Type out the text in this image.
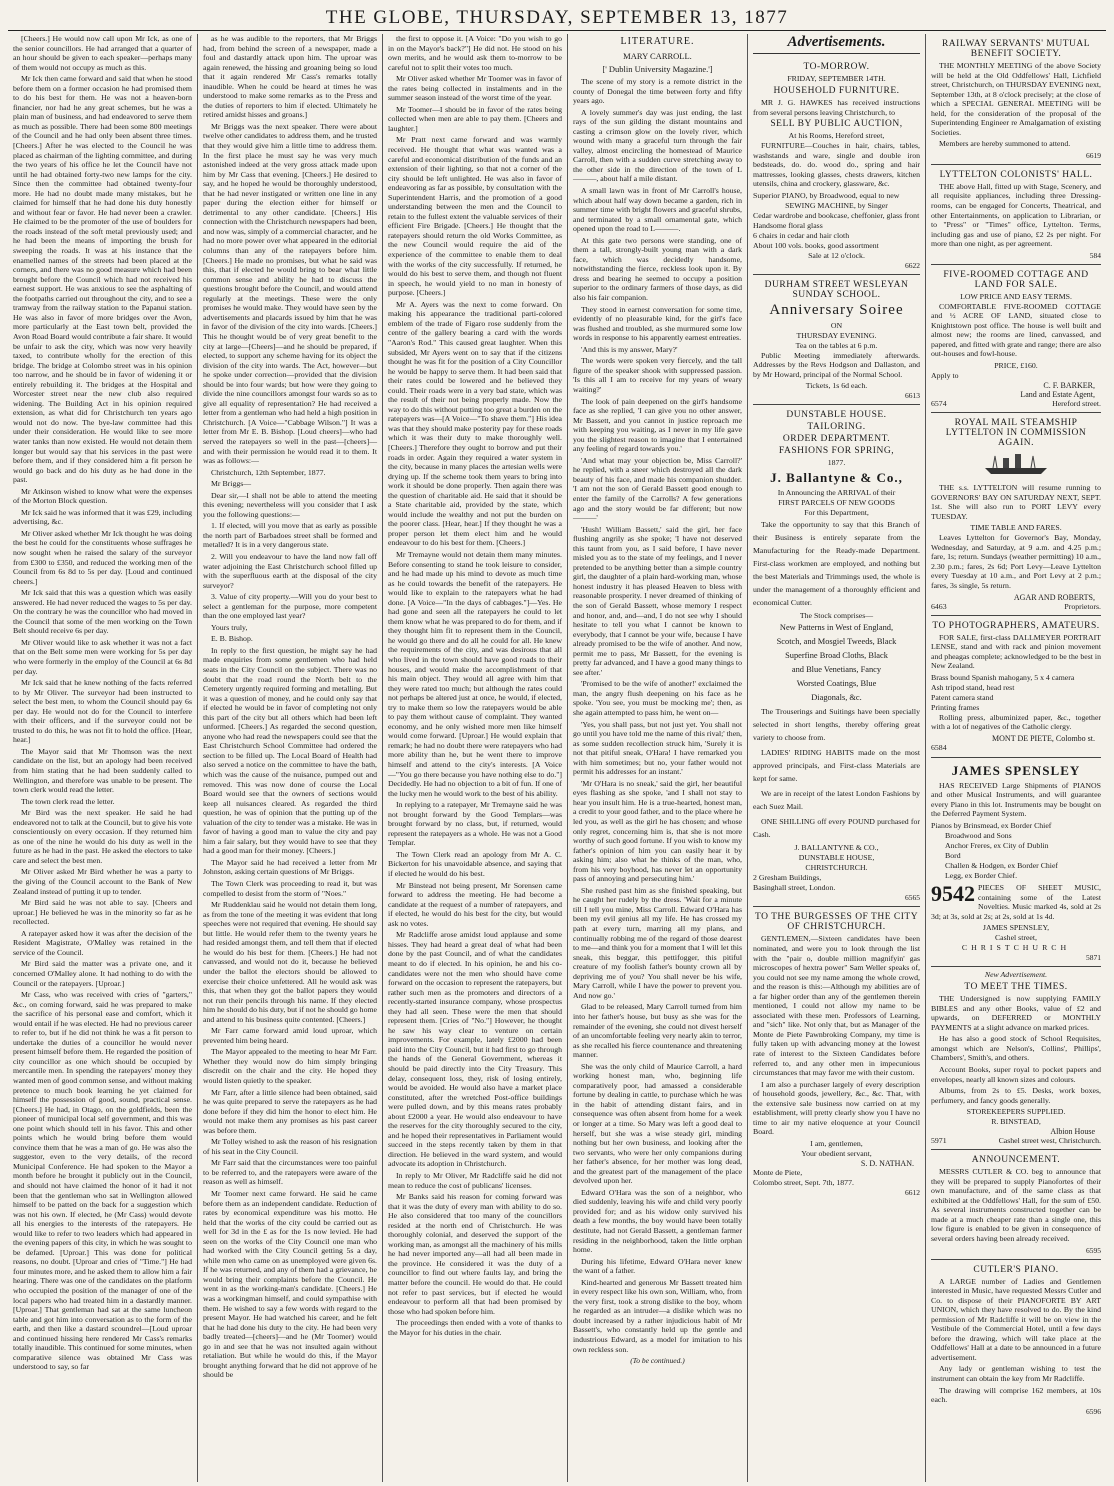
THE GLOBE, THURSDAY, SEPTEMBER 13, 1877

[Cheers.] He would now call upon Mr Ick, as one of the senior councillors. He had arranged that a quarter of an hour should be given to each speaker—perhaps many of them would not occupy as much as this.

Mr Ick then came forward and said that when he stood before them on a former occasion he had promised them to do his best for them. He was not a heaven-born financier, nor had he any great schemes, but he was a plain man of business, and had endeavored to serve them as much as possible. There had been some 800 meetings of the Council and he had only been absent three times. [Cheers.] After he was elected to the Council he was placed as chairman of the lighting committee, and during the two years of his office he let the Council have not until he had obtained forty-two new lamps for the city. Since then the committee had obtained twenty-four more. He had no doubt made many mistakes, but he claimed for himself that he had done his duty honestly and without fear or favor. He had never been a crawler. He claimed to be the promoter of the use of boulders for the roads instead of the soft metal previously used; and he had been the means of importing the brush for sweeping the roads. It was at his instance that the enamelled names of the streets had been placed at the corners, and there was no good measure which had been brought before the Council which had not received his earnest support. He was anxious to see the asphalting of the footpaths carried out throughout the city, and to see a tramway from the railway station to the Papanui station. He was also in favor of more bridges over the Avon, more particularly at the East town belt, provided the Avon Road Board would contribute a fair share. It would be unfair to ask the city, which was now very heavily taxed, to contribute wholly for the erection of this bridge. The bridge at Colombo street was in his opinion too narrow, and he should be in favor of widening it or entirely rebuilding it. The bridges at the Hospital and Worcester street near the new club also required widening. The Building Act in his opinion required extension, as what did for Christchurch ten years ago would not do now. The bye-law committee had this under their consideration. He would like to see more water tanks than now existed. He would not detain them longer but would say that his services in the past were before them, and if they considered him a fit person he would go back and do his duty as he had done in the past.

Mr Atkinson wished to know what were the expenses of the Morton Block question.

Mr Ick said he was informed that it was £29, including advertising, &c.

Mr Oliver asked whether Mr Ick thought he was doing the best he could for the constituents whose suffrages he now sought when he raised the salary of the surveyor from £300 to £350, and reduced the working men of the Council from 6s 8d to 5s per day. [Loud and continued cheers.]

Mr Ick said that this was a question which was easily answered. He had never reduced the wages to 5s per day. On the contrary he was the councillor who had moved in the Council that some of the men working on the Town Belt should receive 6s per day.

Mr Oliver would like to ask whether it was not a fact that on the Belt some men were working for 5s per day who were formerly in the employ of the Council at 6s 8d per day.

Mr Ick said that he knew nothing of the facts referred to by Mr Oliver. The surveyor had been instructed to select the best men, to whom the Council should pay 6s per day. He would not do for the Council to interfere with their officers, and if the surveyor could not be trusted to do this, he was not fit to hold the office. [Hear, hear.]

The Mayor said that Mr Thomson was the next candidate on the list, but an apology had been received from him stating that he had been suddenly called to Wellington, and therefore was unable to be present. The town clerk would read the letter.

The town clerk read the letter.

Mr Bird was the next speaker. He said he had endeavored not to talk at the Council, but to give his vote conscientiously on every occasion. If they returned him as one of the nine he would do his duty as well in the future as he had in the past. He asked the electors to take care and select the best men.

Mr Oliver asked Mr Bird whether he was a party to the giving of the Council account to the Bank of New Zealand instead of putting it up to tender.

Mr Bird said he was not able to say. [Cheers and uproar.] He believed he was in the minority so far as he recollected.

A ratepayer asked how it was after the decision of the Resident Magistrate, O'Malley was retained in the service of the Council.

Mr Bird said the matter was a private one, and it concerned O'Malley alone. It had nothing to do with the Council or the ratepayers. [Uproar.]

Mr Cass, who was received with cries of "garters," &c., on coming forward, said he was prepared to make the sacrifice of his personal ease and comfort, which it would entail if he was elected. He had no previous career to refer to, but if he did not think he was a fit person to undertake the duties of a councillor he would never present himself before them. He regarded the position of city councillor as one which should be occupied by mercantile men. In spending the ratepayers' money they wanted men of good common sense, and without making pretence to much book learning he yet claimed for himself the possession of good, sound, practical sense. [Cheers.] He had, in Otago, on the goldfields, been the pioneer of municipal local self government, and this was one point which should tell in his favor. This and other points which he would bring before them would convince them that he was a man of go. He was also the suggestor, even to the very details, of the record Municipal Conference. He had spoken to the Mayor a month before he brought it publicly out in the Council, and should not have claimed the honor of it had it not been that the gentleman who sat in Wellington allowed himself to be patted on the back for a suggestion which was not his own. If elected, he (Mr Cass) would devote all his energies to the interests of the ratepayers. He would like to refer to two leaders which had appeared in the evening papers of this city, in which he was sought to be defamed. [Uproar.] This was done for political reasons, no doubt. [Uproar and cries of "Time."] He had four minutes more, and he asked them to allow him a fair hearing. There was one of the candidates on the platform who occupied the position of the manager of one of the local papers who had treated him in a dastardly manner. [Uproar.] That gentleman had sat at the same luncheon table and got him into conversation as to the form of the earth, and then like a dastard scoundrel—[Loud uproar and continued hissing here rendered Mr Cass's remarks totally inaudible. This continued for some minutes, when comparative silence was obtained Mr Cass was understood to say, so far

as he was audible to the reporters, that Mr Briggs had, from behind the screen of a newspaper, made a foul and dastardly attack upon him. The uproar was again renewed, the hissing and groaning being so loud that it again rendered Mr Cass's remarks totally inaudible. When he could be heard at times he was understood to make some remarks as to the Press and the duties of reporters to him if elected. Ultimately he retired amidst hisses and groans.]

Mr Briggs was the next speaker. There were about twelve other candidates to address them, and he trusted that they would give him a little time to address them. In the first place he must say he was very much astonished indeed at the very gross attack made upon him by Mr Cass that evening. [Cheers.] He desired to say, and he hoped he would be thoroughly understood, that he had never instigated or written one line in any paper during the election either for himself or detrimental to any other candidate. [Cheers.] His connection with the Christchurch newspapers had been, and now was, simply of a commercial character, and he had no more power over what appeared in the editorial columns than any of the ratepayers before him. [Cheers.] He made no promises, but what he said was this, that if elected he would bring to bear what little common sense and ability he had to discuss the questions brought before the Council, and would attend regularly at the meetings. These were the only promises he would make. They would have seen by the advertisements and placards issued by him that he was in favor of the division of the city into wards. [Cheers.] This he thought would be of very great benefit to the city at large—[Cheers]—and he should be prepared, if elected, to support any scheme having for its object the division of the city into wards. The Act, however—but he spoke under correction—provided that the division should be into four wards; but how were they going to divide the nine councillors amongst four wards so as to give all equality of representation? He had received a letter from a gentleman who had held a high position in Christchurch. [A Voice—"Cabbage Wilson."] It was a letter from Mr E. B. Bishop. [Loud cheers]—who had served the ratepayers so well in the past—[cheers]—and with their permission he would read it to them. It was as follows:—

Christchurch, 12th September, 1877.

Mr Briggs—

Dear sir,—I shall not be able to attend the meeting this evening; nevertheless will you consider that I ask you the following questions:—

1. If elected, will you move that as early as possible the north part of Barbadoes street shall be formed and metalled? It is in a very dangerous state.

2. Will you endeavour to have the land now fall off water adjoining the East Christchurch school filled up with the superfluous earth at the disposal of the city surveyor?

3. Value of city property.—Will you do your best to select a gentleman for the purpose, more competent than the one employed last year?

Yours truly,

E. B. Bishop.

In reply to the first question, he might say he had made enquiries from some gentlemen who had held seats in the City Council on the subject. There was no doubt that the road round the North belt to the Cemetery urgently required forming and metalling. But it was a question of money, and he could only say that if elected he would be in favor of completing not only this part of the city but all others which had been left unformed. [Cheers.] As regarded the second question, anyone who had read the newspapers could see that the East Christchurch School Committee had ordered the section to be filled up. The Local Board of Health had also served a notice on the committee to have the bath, which was the cause of the nuisance, pumped out and removed. This was now done of course the Local Board would see that the owners of sections would keep all nuisances cleared. As regarded the third question, he was of opinion that the putting up of the valuation of the city to tender was a mistake. He was in favor of having a good man to value the city and pay him a fair salary, but they would have to see that they had a good man for their money. [Cheers.]

The Mayor said he had received a letter from Mr Johnston, asking certain questions of Mr Briggs.

The Town Clerk was proceeding to read it, but was compelled to desist from the storm of "Noes."

Mr Ruddenklau said he would not detain them long, as from the tone of the meeting it was evident that long speeches were not required that evening. He should say but little. He would refer them to the twenty years he had resided amongst them, and tell them that if elected he would do his best for them. [Cheers.] He had not canvassed, and would not do it, because he believed under the ballot the electors should be allowed to exercise their choice unfettered. All he would ask was this, that when they got the ballot papers they would not run their pencils through his name. If they elected him he should do his duty, but if not he should go home and attend to his business quite contented. [Cheers.]

Mr Farr came forward amid loud uproar, which prevented him being heard.

The Mayor appealed to the meeting to hear Mr Farr. Whether they would now do him simply bringing discredit on the chair and the city. He hoped they would listen quietly to the speaker.

Mr Farr, after a little silence had been obtained, said he was quite prepared to serve the ratepayers as he had done before if they did him the honor to elect him. He would not make them any promises as his past career was before them.

Mr Tolley wished to ask the reason of his resignation of his seat in the City Council.

Mr Farr said that the circumstances were too painful to be referred to, and the ratepayers were aware of the reason as well as himself.

Mr Toomer next came forward. He said he came before them as an independent candidate. Reduction of rates by economical expenditure was his motto. He held that the works of the city could be carried out as well for 3d in the £ as for the 1s now levied. He had seen on the works of the City Council one man who had worked with the City Council getting 5s a day, while men who came on as unemployed were given 6s. If he was returned, and any of them had a grievance, he would bring their complaints before the Council. He went in as the working-man's candidate. [Cheers.] He was a workingman himself, and could sympathise with them. He wished to say a few words with regard to the present Mayor. He had watched his career, and he felt that he had done his duty to the city. He had been very badly treated—[cheers]—and he (Mr Toomer) would go in and see that he was not insulted again without retaliation. But while he would do this, if the Mayor brought anything forward that he did not approve of he should be

the first to oppose it. [A Voice: "Do you wish to go in on the Mayor's back?"] He did not. He stood on his own merits, and he would ask them to-morrow to be careful not to split their votes too much.

Mr Oliver asked whether Mr Toomer was in favor of the rates being collected in instalments and in the summer season instead of the worst time of the year.

Mr Toomer—I should be in favor of the rates being collected when men are able to pay them. [Cheers and laughter.]

Mr Pratt next came forward and was warmly received. He thought that what was wanted was a careful and economical distribution of the funds and an extension of their lighting, so that not a corner of the city should be left unlighted. He was also in favor of endeavoring as far as possible, by consultation with the Superintendent Harris, and the promotion of a good understanding between the men and the Council to retain to the fullest extent the valuable services of their efficient Fire Brigade. [Cheers.] He thought that the ratepayers should return the old Works Committee, as the new Council would require the aid of the experience of the committee to enable them to deal with the works of the city successfully. If returned, he would do his best to serve them, and though not fluent in speech, he would yield to no man in honesty of purpose. [Cheers.]

Mr A. Ayers was the next to come forward. On making his appearance the traditional parti-colored emblem of the trade of Figaro rose suddenly from the centre of the gallery bearing a card with the words "Aaron's Rod." This caused great laughter. When this subsided, Mr Ayers went on to say that if the citizens thought he was fit for the position of a City Councillor he would be happy to serve them. It had been said that their rates could be lowered and he believed they could. Their roads were in a very bad state, which was the result of their not being properly made. Now the way to do this without putting too great a burden on the ratepayers was—[A Voice—"To shave them."] His idea was that they should make posterity pay for these roads which it was their duty to make thoroughly well. [Cheers.] Therefore they ought to borrow and put their roads in order. Again they required a water system in the city, because in many places the artesian wells were drying up. If the scheme took them years to bring into work it should be done properly. Then again there was the question of charitable aid. He said that it should be a State charitable aid, provided by the state, which would include the wealthy and not put the burden on the poorer class. [Hear, hear.] If they thought he was a proper person let them elect him and he would endeavour to do his best for them. [Cheers.]

Mr Tremayne would not detain them many minutes. Before consenting to stand he took leisure to consider, and he had made up his mind to devote as much time as he could towards the benefit of the ratepayers. He would like to explain to the ratepayers what he had done. [A Voice—"In the days of cabbages."]—Yes. He had gone and seen all the ratepayers he could to let them know what he was prepared to do for them, and if they thought him fit to represent them in the Council, he would go there and do all he could for all. He knew the requirements of the city, and was desirous that all who lived in the town should have good roads to their houses, and would make the accomplishment of that his main object. They would all agree with him that they were rated too much; but although the rates could not perhaps be altered just at once, he would, if elected, try to make them so low the ratepayers would be able to pay them without cause of complaint. They wanted economy, and he only wished more men like himself would come forward. [Uproar.] He would explain that remark; he had no doubt there were ratepayers who had more ability than he, but he went there to improve himself and attend to the city's interests. [A Voice—"You go there because you have nothing else to do."] Decidedly. He had no objection to a bit of fun. If one of the lucky men he would work to the best of his ability.

In replying to a ratepayer, Mr Tremayne said he was not brought forward by the Good Templars—was brought forward by no class, but, if returned, would represent the ratepayers as a whole. He was not a Good Templar.

The Town Clerk read an apology from Mr A. C. Bickerton for his unavoidable absence, and saying that if elected he would do his best.

Mr Binstead not being present, Mr Sorensen came forward to address the meeting. He had become a candidate at the request of a number of ratepayers, and if elected, he would do his best for the city, but would ask no votes.

Mr Radcliffe arose amidst loud applause and some hisses. They had heard a great deal of what had been done by the past Council, and of what the candidates meant to do if elected. In his opinion, he and his co-candidates were not the men who should have come forward on the occasion to represent the ratepayers, but rather such men as the promoters and directors of a recently-started insurance company, whose prospectus they had all seen. These were the men that should represent them. [Cries of "No."] However, he thought he saw his way clear to venture on certain improvements. For example, lately £2000 had been paid into the City Council, but it had first to go through the hands of the General Government, whereas it should be paid directly into the City Treasury. This delay, consequent loss, they, risk of losing entirely, would be avoided. He would also have a market place constituted, after the wretched Post-office buildings were pulled down, and by this means rates probably about £2000 a year. He would also endeavour to have the reserves for the city thoroughly secured to the city, and he hoped their representatives in Parliament would succeed in the steps recently taken by them in that direction. He believed in the ward system, and would advocate its adoption in Christchurch.

In reply to Mr Oliver, Mr Radcliffe said he did not mean to reduce the cost of publicans' licenses.

Mr Banks said his reason for coming forward was that it was the duty of every man with ability to do so. He also considered that too many of the councillors resided at the north end of Christchurch. He was thoroughly colonial, and deserved the support of the working man, as amongst all the machinery of his mills he had never imported any—all had all been made in the province. He considered it was the duty of a councillor to find out where faults lay, and bring the matter before the council. He would do that. He could not refer to past services, but if elected he would endeavour to perform all that had been promised by those who had spoken before him.

The proceedings then ended with a vote of thanks to the Mayor for his duties in the chair.

LITERATURE.
MARY CARROLL.
[' Dublin University Magazine.']

The scene of my story is a remote district in the county of Donegal the time between forty and fifty years ago.

A lovely summer's day was just ending, the last rays of the sun gilding the distant mountains and casting a crimson glow on the lovely river, which wound with many a graceful turn through the fair valley, almost encircling the homestead of Maurice Carroll, then with a sudden curve stretching away to the other side in the direction of the town of L———, about half a mile distant.

A small lawn was in front of Mr Carroll's house, which about half way down became a garden, rich in summer time with bright flowers and graceful shrubs, and terminated by a small ornamental gate, which opened upon the road to L———.

At this gate two persons were standing, one of them a tall, strongly-built young man with a dark face, which was decidedly handsome, notwithstanding the fierce, reckless look upon it. By dress and bearing he seemed to occupy a position superior to the ordinary farmers of those days, as did also his fair companion.

They stood in earnest conversation for some time, evidently of no pleasurable kind, for the girl's face was flushed and troubled, as she murmured some low words in response to his apparently earnest entreaties.

'And this is my answer, Mary?'

The words were spoken very fiercely, and the tall figure of the speaker shook with suppressed passion. 'Is this all I am to receive for my years of weary waiting?'

The look of pain deepened on the girl's handsome face as she replied, 'I can give you no other answer, Mr Bassett, and you cannot in justice reproach me with keeping you waiting, as I never in my life gave you the slightest reason to imagine that I entertained any feeling of regard towards you.'

'And what may your objection be, Miss Carroll?' he replied, with a sneer which destroyed all the dark beauty of his face, and made his companion shudder. 'I am not the son of Gerald Bassett good enough to enter the family of the Carrolls? A few generations ago and the story would be far different; but now———'

'Hush! William Bassett,' said the girl, her face flushing angrily as she spoke; 'I have not deserved this taunt from you, as I said before, I have never misled you as to the state of my feelings, and I never pretended to be anything better than a simple country girl, the daughter of a plain hard-working man, whose honest industry it has pleased Heaven to bless with reasonable prosperity. I never dreamed of thinking of the son of Gerald Bassett, whose memory I respect and honor, and, and—and, I do not see why I should hesitate to tell you what I cannot be known to everybody, that I cannot be your wife, because I have already promised to be the wife of another. And now, permit me to pass, Mr Bassett, for the evening is pretty far advanced, and I have a good many things to see after.'

'Promised to be the wife of another!' exclaimed the man, the angry flush deepening on his face as he spoke. 'You see, you must be mocking me'; then, as she again attempted to pass him, he went on—

'Yes, you shall pass, but not just yet. You shall not go until you have told me the name of this rival;' then, as some sudden recollection struck him, 'Surely it is not that pitiful sneak, O'Hara! I have remarked you with him sometimes; but no, your father would not permit his addresses for an instant.'

'Mr O'Hara is no sneak,' said the girl, her beautiful eyes flashing as she spoke, 'and I shall not stay to hear you insult him. He is a true-hearted, honest man, a credit to your good father, and to the place where he led you, as well as the girl he has chosen; and whose only regret, concerning him is, that she is not more worthy of such good fortune. If you wish to know my father's opinion of him you can easily hear it by asking him; also what he thinks of the man, who, from his very boyhood, has never let an opportunity pass of annoying and persecuting him.'

She rushed past him as she finished speaking, but he caught her rudely by the dress. 'Wait for a minute till I tell you mine, Miss Carroll. Edward O'Hara has been my evil genius all my life. He has crossed my path at every turn, marring all my plans, and continually robbing me of the regard of those dearest to me—and think you for a moment that I will let this sneak, this beggar, this pettifogger, this pitiful creature of my foolish father's bounty crown all by depriving me of you? You shall never be his wife, Mary Carroll, while I have the power to prevent you. And now go.'

Glad to be released, Mary Carroll turned from him into her father's house, but busy as she was for the remainder of the evening, she could not divest herself of an uncomfortable feeling very nearly akin to terror, as she recalled his fierce countenance and threatening manner.

She was the only child of Maurice Carroll, a hard working honest man, who, beginning life comparatively poor, had amassed a considerable fortune by dealing in cattle, to purchase which he was in the habit of attending distant fairs, and in consequence was often absent from home for a week or longer at a time. So Mary was left a good deal to herself, but she was a wise steady girl, minding nothing but her own business, and looking after the two servants, who were her only companions during her father's absence, for her mother was long dead, and the greatest part of the management of the place devolved upon her.

Edward O'Hara was the son of a neighbor, who died suddenly, leaving his wife and child very poorly provided for; and as his widow only survived his death a few months, the boy would have been totally destitute, had not Gerald Bassett, a gentleman farmer residing in the neighborhood, taken the little orphan home.

During his lifetime, Edward O'Hara never knew the want of a father.

Kind-hearted and generous Mr Bassett treated him in every respect like his own son, William, who, from the very first, took a strong dislike to the boy, whom he regarded as an intruder—a dislike which was no doubt increased by a rather injudicious habit of Mr Bassett's, who constantly held up the gentle and industrious Edward, as a model for imitation to his own reckless son.

(To be continued.)
Advertisements.
TO-MORROW.
FRIDAY, SEPTEMBER 14TH.
HOUSEHOLD FURNITURE.

MR J. G. HAWKES has received instructions from several persons leaving Christchurch, to

SELL BY PUBLIC AUCTION,
At his Rooms, Hereford street,

FURNITURE—Couches in hair, chairs, tables, washstands and ware, single and double iron bedsteads, do. do. wood do., spring and hair mattresses, looking glasses, chests drawers, kitchen utensils, china and crockery, glassware, &c.

Superior PIANO, by Broadwood, equal to new
SEWING MACHINE, by Singer
Cedar wardrobe and bookcase, cheffonier, glass front
Handsome floral glass
6 chairs in cedar and hair cloth
About 100 vols. books, good assortment
Sale at 12 o'clock.
6622
DURHAM STREET WESLEYAN SUNDAY SCHOOL.
Anniversary Soiree
ON
THURSDAY EVENING.
Tea on the tables at 6 p.m.

Public Meeting immediately afterwards. Addresses by the Revs Hodgson and Dallaston, and by Mr Howard, principal of the Normal School.

Tickets, 1s 6d each.
6613
DUNSTABLE HOUSE.
TAILORING.
ORDER DEPARTMENT.
FASHIONS FOR SPRING,
1877.
J. Ballantyne & Co.,
In Announcing the ARRIVAL of their
FIRST PARCELS OF NEW GOODS
For this Department,

Take the opportunity to say that this Branch of their Business is entirely separate from the Manufacturing for the Ready-made Department. First-class workmen are employed, and nothing but the best Materials and Trimmings used, the whole is under the management of a thoroughly efficient and economical Cutter.

The Stock comprises—
New Patterns in West of England,
Scotch, and Mosgiel Tweeds, Black
Superfine Broad Cloths, Black
and Blue Venetians, Fancy
Worsted Coatings, Blue
Diagonals, &c.

The Trouserings and Suitings have been specially selected in short lengths, thereby offering great variety to choose from.

LADIES' RIDING HABITS made on the most approved principals, and First-class Materials are kept for same.

We are in receipt of the latest London Fashions by each Suez Mail.

ONE SHILLING off every POUND purchased for Cash.

J. BALLANTYNE & CO.,
DUNSTABLE HOUSE,
CHRISTCHURCH.
2 Gresham Buildings,
Basinghall street, London.
6565
TO THE BURGESSES OF THE CITY OF CHRISTCHURCH.

GENTLEMEN,—Sixteen candidates have been nominated, and were you to look through the list with the "pair o, double million magnifyin' gas microscopes of hextra power" Sam Weller speaks of, you could not see my name among the whole crowd, and the reason is this:—Although my abilities are of a far higher order than any of the gentlemen therein mentioned, I could not allow my name to be associated with these men. Professors of Learning, and "sich" like. Not only that, but as Manager of the Monte de Piete Pawnbroking Company, my time is fully taken up with advancing money at the lowest rate of interest to the Sixteen Candidates before referred to, and any other men in impecunious circumstances that may favor me with their custom.

I am also a purchaser largely of every description of household goods, jewellery, &c., &c. That, with the extensive sale business now carried on at my establishment, will pretty clearly show you I have no time to air my native eloquence at your Council Board.

I am, gentlemen,
Your obedient servant,
S. D. NATHAN.
Monte de Piete,
Colombo street, Sept. 7th, 1877.
6612
RAILWAY SERVANTS' MUTUAL BENEFIT SOCIETY.

THE MONTHLY MEETING of the above Society will be held at the Old Oddfellows' Hall, Lichfield street, Christchurch, on THURSDAY EVENING next, September 13th, at 8 o'clock precisely; at the close of which a SPECIAL GENERAL MEETING will be held, for the consideration of the proposal of the Superintending Engineer re Amalgamation of existing Societies.

Members are hereby summoned to attend.

6619
LYTTELTON COLONISTS' HALL.

THE above Hall, fitted up with Stage, Scenery, and all requisite appliances, including three Dressing-rooms, can be engaged for Concerts, Theatrical, and other Entertainments, on application to Librarian, or to "Press" or "Times" office, Lyttelton. Terms, including gas and use of piano, £2 2s per night. For more than one night, as per agreement.

584
FIVE-ROOMED COTTAGE AND LAND FOR SALE.
LOW PRICE AND EASY TERMS.

COMFORTABLE FIVE-ROOMED COTTAGE and ½ ACRE OF LAND, situated close to Knightstown post office. The house is well built and almost new; the rooms are lined, canvassed, and papered, and fitted with grate and range; there are also out-houses and fowl-house.

PRICE, £160.
Apply to
C. F. BARKER,
Land and Estate Agent,
6574	Hereford street.
ROYAL MAIL STEAMSHIP LYTTELTON IN COMMISSION AGAIN.

THE s.s. LYTTELTON will resume running to GOVERNORS' BAY ON SATURDAY NEXT, SEPT. 1st. She will also run to PORT LEVY every TUESDAY.

TIME TABLE AND FARES.

Leaves Lyttelton for Governor's Bay, Monday, Wednesday, and Saturday, at 9 a.m. and 4.25 p.m.; fare, 1s; return. Sundays (weather permitting) 10 a.m., 2.30 p.m.; fares, 2s 6d; Port Levy—Leave Lyttelton every Tuesday at 10 a.m., and Port Levy at 2 p.m.; fares, 3s single, 5s return.

AGAR AND ROBERTS,
6463	Proprietors.
TO PHOTOGRAPHERS, AMATEURS.

FOR SALE, first-class DALLMEYER PORTRAIT LENSE, stand and with rack and pinion movement and pheagas complete; acknowledged to be the best in New Zealand.

Brass bound Spanish mahogany, 5 x 4 camera
Ash tripod stand, head rest
Patent camera stand
Printing frames

Rolling press, albuminized paper, &c., together with a lot of negatives of the Catholic clergy.

MONT DE PIETE, Colombo st.
6584
JAMES SPENSLEY

HAS RECEIVED Large Shipments of PIANOS and other Musical Instruments, and will guarantee every Piano in this lot. Instruments may be bought on the Deferred Payment System.

Pianos by Brinsmead, ex Border Chief
Broadwood and Sons
Anchor Freres, ex City of Dublin
Bord
Challen & Hodgen, ex Border Chief
Legg, ex Border Chief.
9542 PIECES OF SHEET MUSIC, containing some of the Latest Novelties. Music marked 4s, sold at 2s 3d; at 3s, sold at 2s; at 2s, sold at 1s 4d.

JAMES SPENSLEY,
Cashel street,
CHRISTCHURCH
5871
New Advertisement.
TO MEET THE TIMES.

THE Undersigned is now supplying FAMILY BIBLES and any other Books, value of £2 and upwards, on DEFERRED or MONTHLY PAYMENTS at a slight advance on marked prices.

He has also a good stock of School Requisites, amongst which are Nelson's, Collins', Phillips', Chambers', Smith's, and others.

Account Books, super royal to pocket papers and envelopes, nearly all known sizes and colours.

Albums, from 2s to £5. Desks, work boxes, perfumery, and fancy goods generally.

STOREKEEPERS SUPPLIED.
R. BINSTEAD,
Albion House
5971	Cashel street west, Christchurch.
ANNOUNCEMENT.

MESSRS CUTLER & CO. beg to announce that they will be prepared to supply Pianofortes of their own manufacture, and of the same class as that exhibited at the Oddfellows' Hall, for the sum of £50. As several instruments constructed together can be made at a much cheaper rate than a single one, this low figure is enabled to be given in consequence of several orders having been already received.

6595
CUTLER'S PIANO.

A LARGE number of Ladies and Gentlemen interested in Music, have requested Messrs Cutler and Co. to dispose of their PIANOFORTE BY ART UNION, which they have resolved to do. By the kind permission of Mr Radcliffe it will be on view in the Vestibule of the Commercial Hotel, until a few days before the drawing, which will take place at the Oddfellows' Hall at a date to be announced in a future advertisement.

Any lady or gentleman wishing to test the instrument can obtain the key from Mr Radcliffe.

The drawing will comprise 162 members, at 10s each.

6596
